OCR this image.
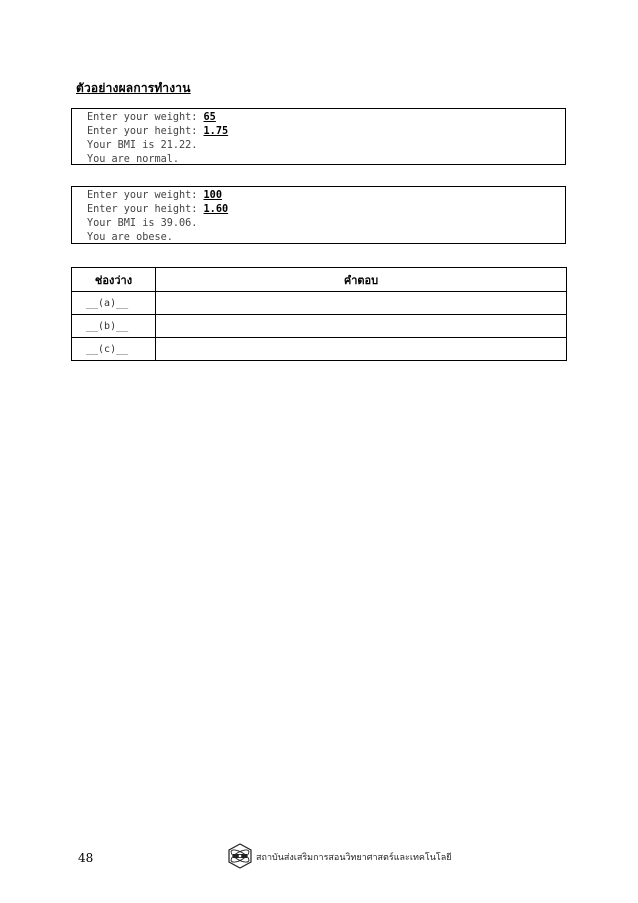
ตัวอย่างผลการทำงาน
Enter your weight: 65
Enter your height: 1.75
Your BMI is 21.22.
You are normal.
Enter your weight: 100
Enter your height: 1.60
Your BMI is 39.06.
You are obese.
ช่องว่าง	คำตอบ
__(a)__	
__(b)__	
__(c)__	
48	สถาบันส่งเสริมการสอนวิทยาศาสตร์และเทคโนโลยี
